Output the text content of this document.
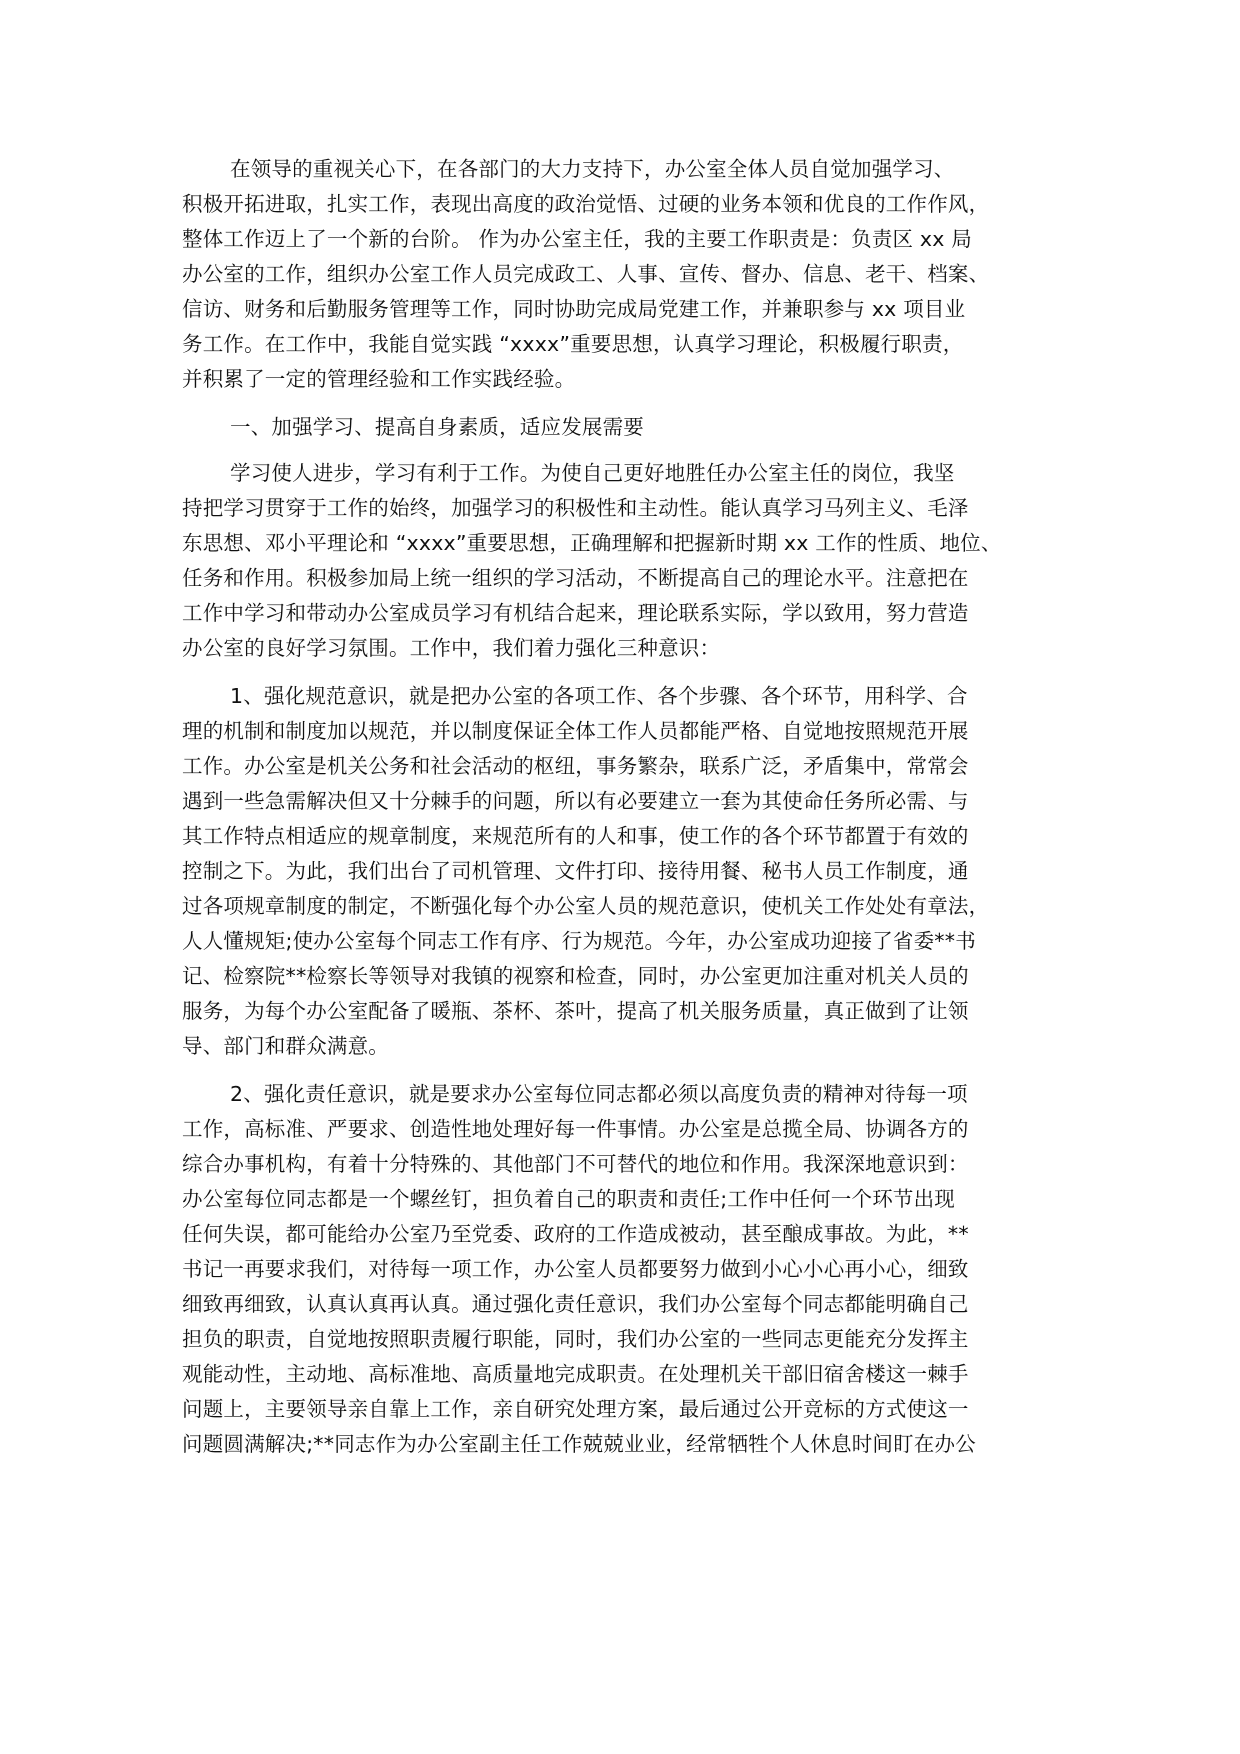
在领导的重视关心下，在各部门的大力支持下，办公室全体人员自觉加强学习、
积极开拓进取，扎实工作，表现出高度的政治觉悟、过硬的业务本领和优良的工作作风，
整体工作迈上了一个新的台阶。 作为办公室主任，我的主要工作职责是：负责区 xx 局
办公室的工作，组织办公室工作人员完成政工、人事、宣传、督办、信息、老干、档案、
信访、财务和后勤服务管理等工作，同时协助完成局党建工作，并兼职参与 xx 项目业
务工作。在工作中，我能自觉实践 “xxxx”重要思想，认真学习理论，积极履行职责，
并积累了一定的管理经验和工作实践经验。
一、加强学习、提高自身素质，适应发展需要
学习使人进步，学习有利于工作。为使自己更好地胜任办公室主任的岗位，我坚
持把学习贯穿于工作的始终，加强学习的积极性和主动性。能认真学习马列主义、毛泽
东思想、邓小平理论和 “xxxx”重要思想，正确理解和把握新时期 xx 工作的性质、地位、
任务和作用。积极参加局上统一组织的学习活动，不断提高自己的理论水平。注意把在
工作中学习和带动办公室成员学习有机结合起来，理论联系实际，学以致用，努力营造
办公室的良好学习氛围。工作中，我们着力强化三种意识：
1、强化规范意识，就是把办公室的各项工作、各个步骤、各个环节，用科学、合
理的机制和制度加以规范，并以制度保证全体工作人员都能严格、自觉地按照规范开展
工作。办公室是机关公务和社会活动的枢纽，事务繁杂，联系广泛，矛盾集中，常常会
遇到一些急需解决但又十分棘手的问题，所以有必要建立一套为其使命任务所必需、与
其工作特点相适应的规章制度，来规范所有的人和事，使工作的各个环节都置于有效的
控制之下。为此，我们出台了司机管理、文件打印、接待用餐、秘书人员工作制度，通
过各项规章制度的制定，不断强化每个办公室人员的规范意识，使机关工作处处有章法，
人人懂规矩;使办公室每个同志工作有序、行为规范。今年，办公室成功迎接了省委**书
记、检察院**检察长等领导对我镇的视察和检查，同时，办公室更加注重对机关人员的
服务，为每个办公室配备了暖瓶、茶杯、茶叶，提高了机关服务质量，真正做到了让领
导、部门和群众满意。
2、强化责任意识，就是要求办公室每位同志都必须以高度负责的精神对待每一项
工作，高标准、严要求、创造性地处理好每一件事情。办公室是总揽全局、协调各方的
综合办事机构，有着十分特殊的、其他部门不可替代的地位和作用。我深深地意识到：
办公室每位同志都是一个螺丝钉，担负着自己的职责和责任;工作中任何一个环节出现
任何失误，都可能给办公室乃至党委、政府的工作造成被动，甚至酿成事故。为此，**
书记一再要求我们，对待每一项工作，办公室人员都要努力做到小心小心再小心，细致
细致再细致，认真认真再认真。通过强化责任意识，我们办公室每个同志都能明确自己
担负的职责，自觉地按照职责履行职能，同时，我们办公室的一些同志更能充分发挥主
观能动性，主动地、高标准地、高质量地完成职责。在处理机关干部旧宿舍楼这一棘手
问题上，主要领导亲自靠上工作，亲自研究处理方案，最后通过公开竞标的方式使这一
问题圆满解决;**同志作为办公室副主任工作兢兢业业，经常牺牲个人休息时间盯在办公
